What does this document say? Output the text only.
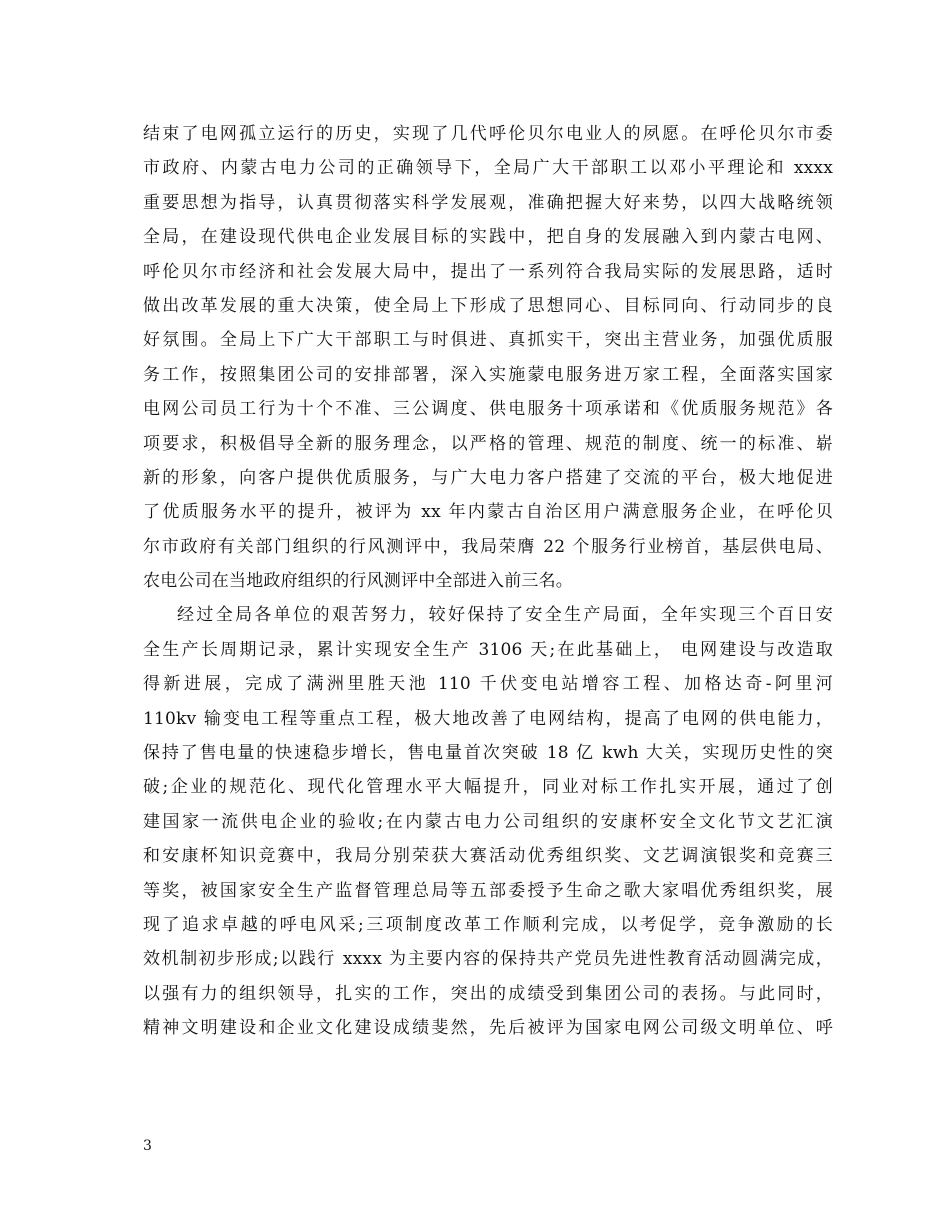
结束了电网孤立运行的历史，实现了几代呼伦贝尔电业人的夙愿。在呼伦贝尔市委
市政府、内蒙古电力公司的正确领导下，全局广大干部职工以邓小平理论和 xxxx
重要思想为指导，认真贯彻落实科学发展观，准确把握大好来势，以四大战略统领
全局，在建设现代供电企业发展目标的实践中，把自身的发展融入到内蒙古电网、
呼伦贝尔市经济和社会发展大局中，提出了一系列符合我局实际的发展思路，适时
做出改革发展的重大决策，使全局上下形成了思想同心、目标同向、行动同步的良
好氛围。全局上下广大干部职工与时俱进、真抓实干，突出主营业务，加强优质服
务工作，按照集团公司的安排部署，深入实施蒙电服务进万家工程，全面落实国家
电网公司员工行为十个不准、三公调度、供电服务十项承诺和《优质服务规范》各
项要求，积极倡导全新的服务理念，以严格的管理、规范的制度、统一的标准、崭
新的形象，向客户提供优质服务，与广大电力客户搭建了交流的平台，极大地促进
了优质服务水平的提升，被评为 xx 年内蒙古自治区用户满意服务企业，在呼伦贝
尔市政府有关部门组织的行风测评中，我局荣膺 22 个服务行业榜首，基层供电局、
农电公司在当地政府组织的行风测评中全部进入前三名。
经过全局各单位的艰苦努力，较好保持了安全生产局面，全年实现三个百日安
全生产长周期记录，累计实现安全生产 3106 天;在此基础上， 电网建设与改造取
得新进展，完成了满洲里胜天池 110 千伏变电站增容工程、加格达奇-阿里河
110kv 输变电工程等重点工程，极大地改善了电网结构，提高了电网的供电能力，
保持了售电量的快速稳步增长，售电量首次突破 18 亿 kwh 大关，实现历史性的突
破;企业的规范化、现代化管理水平大幅提升，同业对标工作扎实开展，通过了创
建国家一流供电企业的验收;在内蒙古电力公司组织的安康杯安全文化节文艺汇演
和安康杯知识竞赛中，我局分别荣获大赛活动优秀组织奖、文艺调演银奖和竞赛三
等奖，被国家安全生产监督管理总局等五部委授予生命之歌大家唱优秀组织奖，展
现了追求卓越的呼电风采;三项制度改革工作顺利完成，以考促学，竞争激励的长
效机制初步形成;以践行 xxxx 为主要内容的保持共产党员先进性教育活动圆满完成，
以强有力的组织领导，扎实的工作，突出的成绩受到集团公司的表扬。与此同时，
精神文明建设和企业文化建设成绩斐然，先后被评为国家电网公司级文明单位、呼
3
